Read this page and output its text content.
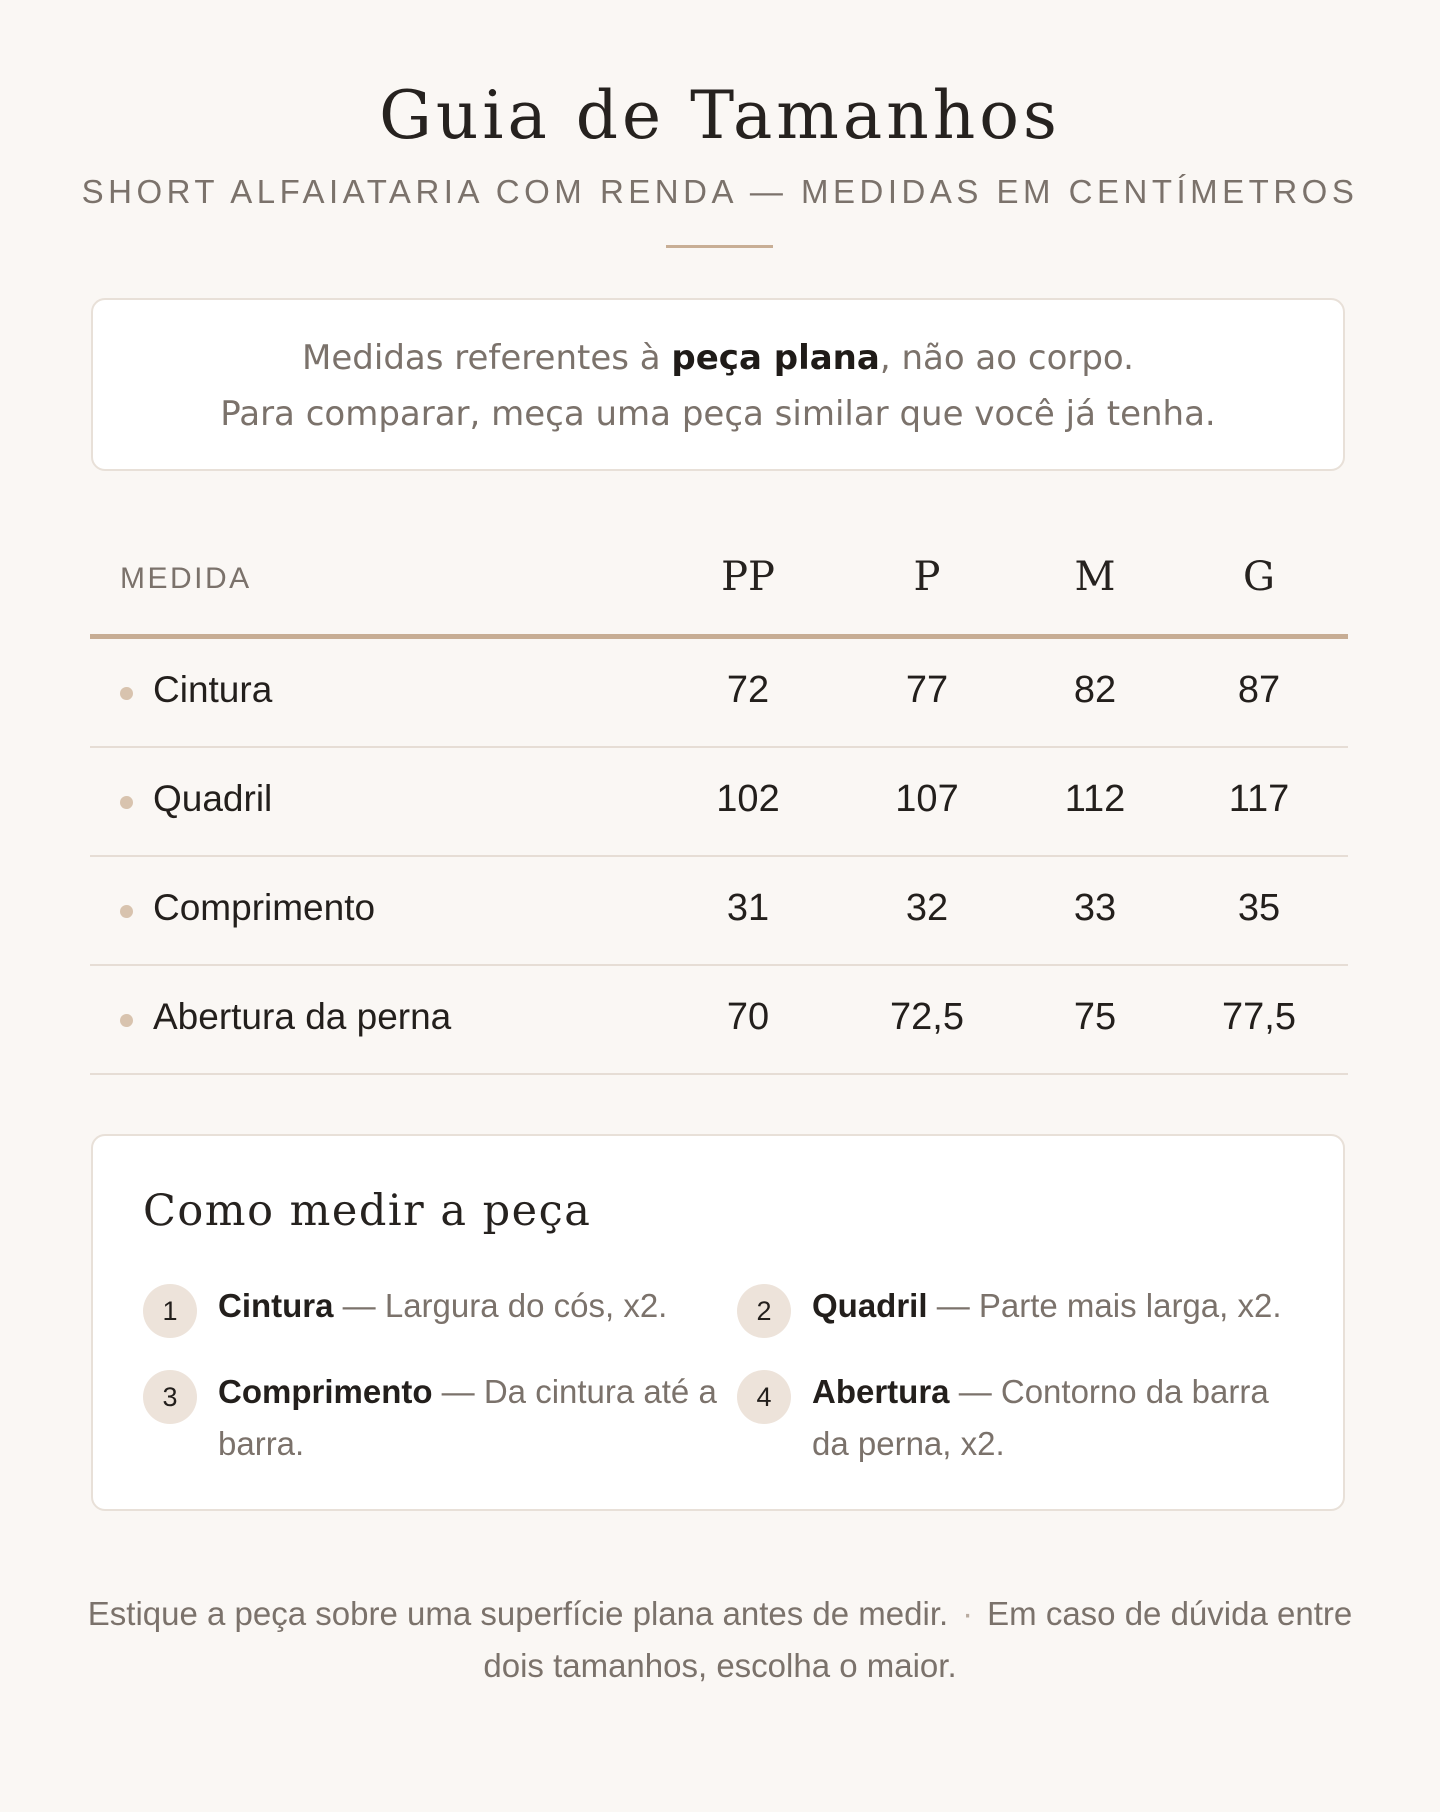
Guia de Tamanhos
SHORT ALFAIATARIA COM RENDA — MEDIDAS EM CENTÍMETROS
Medidas referentes à peça plana, não ao corpo.
Para comparar, meça uma peça similar que você já tenha.
MEDIDA	PP	P	M	G
Cintura	72	77	82	87
Quadril	102	107	112	117
Comprimento	31	32	33	35
Abertura da perna	70	72,5	75	77,5
Como medir a peça
1	Cintura — Largura do cós, x2.	2	Quadril — Parte mais larga, x2.
3	Comprimento — Da cintura até a barra.
4	Abertura — Contorno da barra da perna, x2.
Estique a peça sobre uma superfície plana antes de medir. · Em caso de dúvida entre dois tamanhos, escolha o maior.
